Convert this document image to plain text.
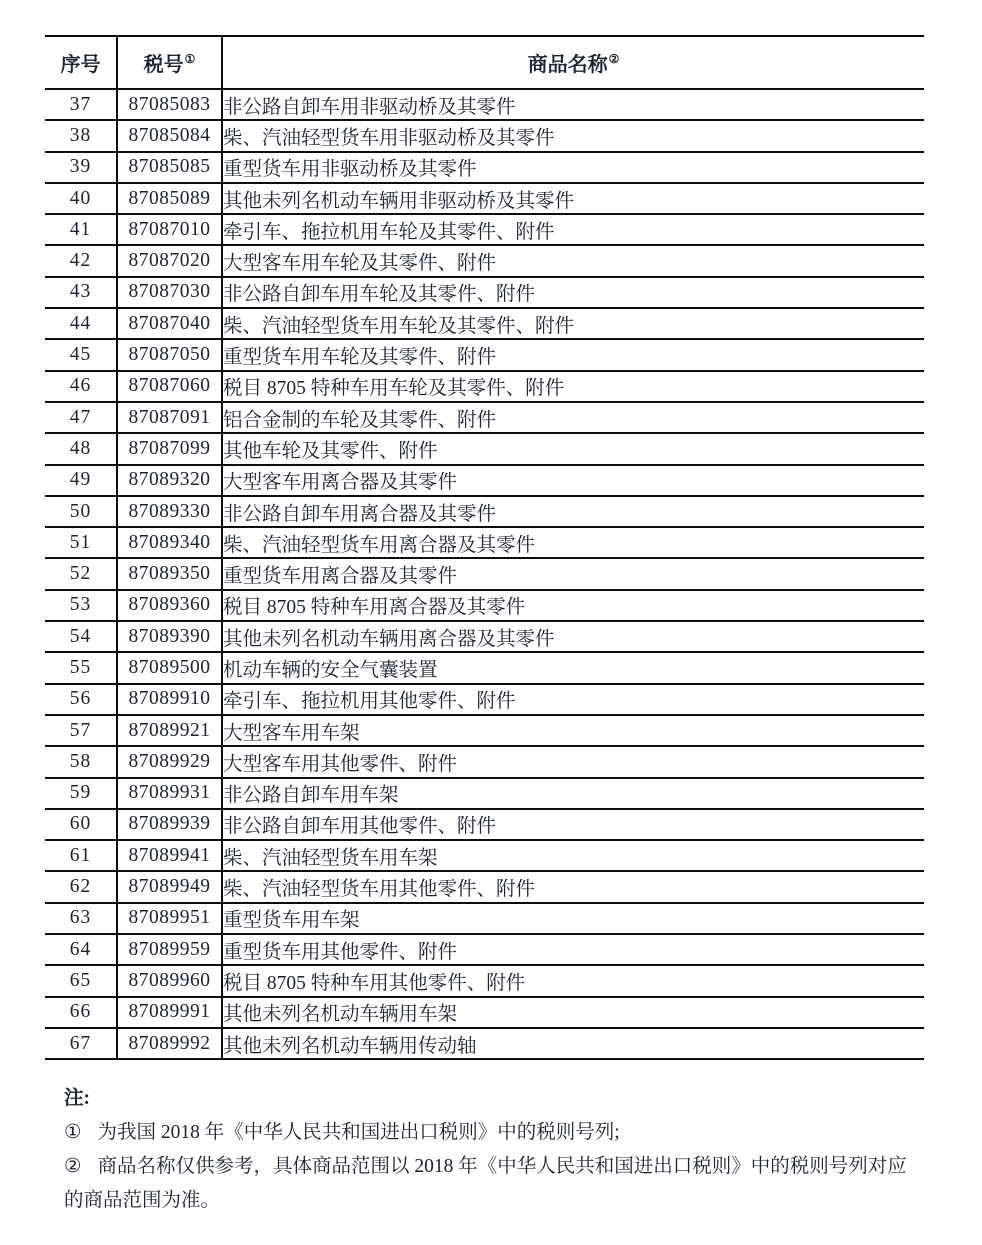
序号	税号①	商品名称②
37	87085083	非公路自卸车用非驱动桥及其零件
38	87085084	柴、汽油轻型货车用非驱动桥及其零件
39	87085085	重型货车用非驱动桥及其零件
40	87085089	其他未列名机动车辆用非驱动桥及其零件
41	87087010	牵引车、拖拉机用车轮及其零件、附件
42	87087020	大型客车用车轮及其零件、附件
43	87087030	非公路自卸车用车轮及其零件、附件
44	87087040	柴、汽油轻型货车用车轮及其零件、附件
45	87087050	重型货车用车轮及其零件、附件
46	87087060	税目 8705 特种车用车轮及其零件、附件
47	87087091	铝合金制的车轮及其零件、附件
48	87087099	其他车轮及其零件、附件
49	87089320	大型客车用离合器及其零件
50	87089330	非公路自卸车用离合器及其零件
51	87089340	柴、汽油轻型货车用离合器及其零件
52	87089350	重型货车用离合器及其零件
53	87089360	税目 8705 特种车用离合器及其零件
54	87089390	其他未列名机动车辆用离合器及其零件
55	87089500	机动车辆的安全气囊装置
56	87089910	牵引车、拖拉机用其他零件、附件
57	87089921	大型客车用车架
58	87089929	大型客车用其他零件、附件
59	87089931	非公路自卸车用车架
60	87089939	非公路自卸车用其他零件、附件
61	87089941	柴、汽油轻型货车用车架
62	87089949	柴、汽油轻型货车用其他零件、附件
63	87089951	重型货车用车架
64	87089959	重型货车用其他零件、附件
65	87089960	税目 8705 特种车用其他零件、附件
66	87089991	其他未列名机动车辆用车架
67	87089992	其他未列名机动车辆用传动轴

注:

① 为我国 2018 年《中华人民共和国进出口税则》中的税则号列;

② 商品名称仅供参考，具体商品范围以 2018 年《中华人民共和国进出口税则》中的税则号列对应的商品范围为准。
